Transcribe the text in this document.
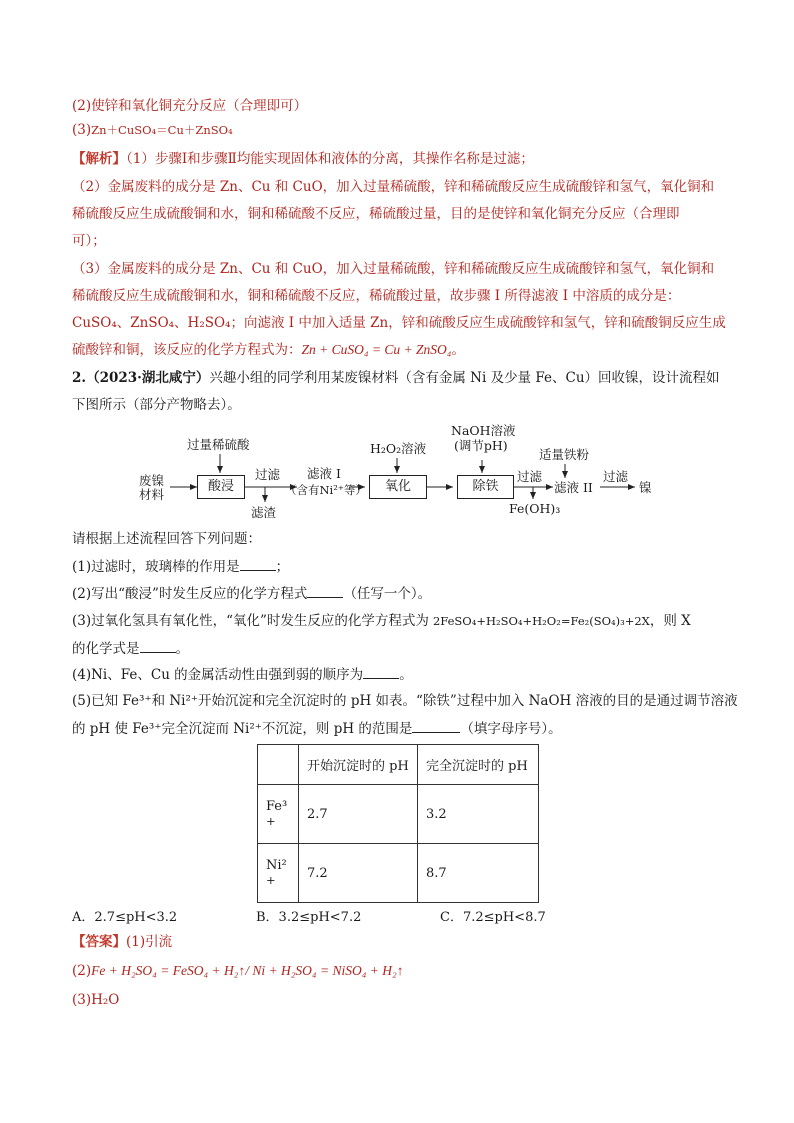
(2)使锌和氧化铜充分反应（合理即可）
(3)Zn＋CuSO₄＝Cu＋ZnSO₄
【解析】（1）步骤Ⅰ和步骤Ⅱ均能实现固体和液体的分离，其操作名称是过滤；
（2）金属废料的成分是 Zn、Cu 和 CuO，加入过量稀硫酸，锌和稀硫酸反应生成硫酸锌和氢气，氧化铜和
稀硫酸反应生成硫酸铜和水，铜和稀硫酸不反应，稀硫酸过量，目的是使锌和氧化铜充分反应（合理即
可）；
（3）金属废料的成分是 Zn、Cu 和 CuO，加入过量稀硫酸，锌和稀硫酸反应生成硫酸锌和氢气，氧化铜和
稀硫酸反应生成硫酸铜和水，铜和稀硫酸不反应，稀硫酸过量，故步骤 I 所得滤液 I 中溶质的成分是：
CuSO₄、ZnSO₄、H₂SO₄；向滤液 I 中加入适量 Zn，锌和硫酸反应生成硫酸锌和氢气，锌和硫酸铜反应生成
硫酸锌和铜，该反应的化学方程式为：Zn + CuSO₄ = Cu + ZnSO₄。
2.（2023·湖北咸宁）兴趣小组的同学利用某废镍材料（含有金属 Ni 及少量 Fe、Cu）回收镍，设计流程如
下图所示（部分产物略去）。
废镍
材料
过量稀硫酸
酸浸
过滤
滤渣
滤液 I
（含有Ni²⁺等）
H₂O₂溶液
氧化
NaOH溶液
(调节pH)
除铁
过滤
Fe(OH)₃
适量铁粉
滤液 II
过滤
镍
请根据上述流程回答下列问题：
(1)过滤时，玻璃棒的作用是	；
(2)写出“酸浸”时发生反应的化学方程式	（任写一个）。
(3)过氧化氢具有氧化性，“氧化”时发生反应的化学方程式为 2FeSO₄+H₂SO₄+H₂O₂=Fe₂(SO₄)₃+2X，则 X
的化学式是	。
(4)Ni、Fe、Cu 的金属活动性由强到弱的顺序为	。
(5)已知 Fe³⁺和 Ni²⁺开始沉淀和完全沉淀时的 pH 如表。“除铁”过程中加入 NaOH 溶液的目的是通过调节溶液
的 pH 使 Fe³⁺完全沉淀而 Ni²⁺不沉淀，则 pH 的范围是	（填字母序号）。
	开始沉淀时的 pH	完全沉淀时的 pH
Fe³
+	2.7	3.2
Ni²
+	7.2	8.7
A．2.7≤pH<3.2	B．3.2≤pH<7.2	C．7.2≤pH<8.7
【答案】(1)引流
(2)Fe + H₂SO₄ = FeSO₄ + H₂↑/ Ni + H₂SO₄ = NiSO₄ + H₂↑
(3)H₂O
